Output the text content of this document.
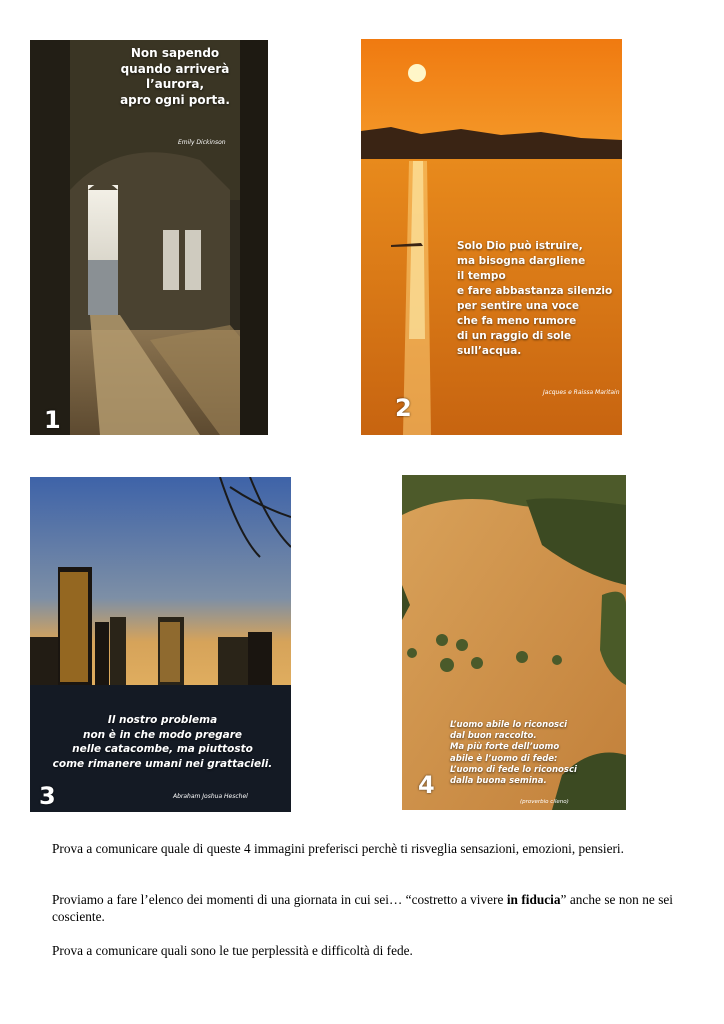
Non sapendo
quando arriverà
l’aurora,
apro ogni porta.
Emily Dickinson
1
Solo Dio può istruire,
ma bisogna dargliene
il tempo
e fare abbastanza silenzio
per sentire una voce
che fa meno rumore
di un raggio di sole sull’acqua.
Jacques e Raissa Maritain
2
Il nostro problema
non è in che modo pregare
nelle catacombe, ma piuttosto
come rimanere umani nei grattacieli.
Abraham Joshua Heschel
3
L’uomo abile lo riconosci
dal buon raccolto.
Ma più forte dell’uomo
abile è l’uomo di fede:
L’uomo di fede lo riconosci
dalla buona semina.
(proverbio cileno)
4

Prova a comunicare quale di queste 4 immagini preferisci perchè ti risveglia sensazioni, emozioni, pensieri.

Proviamo a fare l’elenco dei momenti di una giornata in cui sei… “costretto a vivere in fiducia” anche se non ne sei cosciente.

Prova a comunicare quali sono le tue perplessità e difficoltà di fede.
